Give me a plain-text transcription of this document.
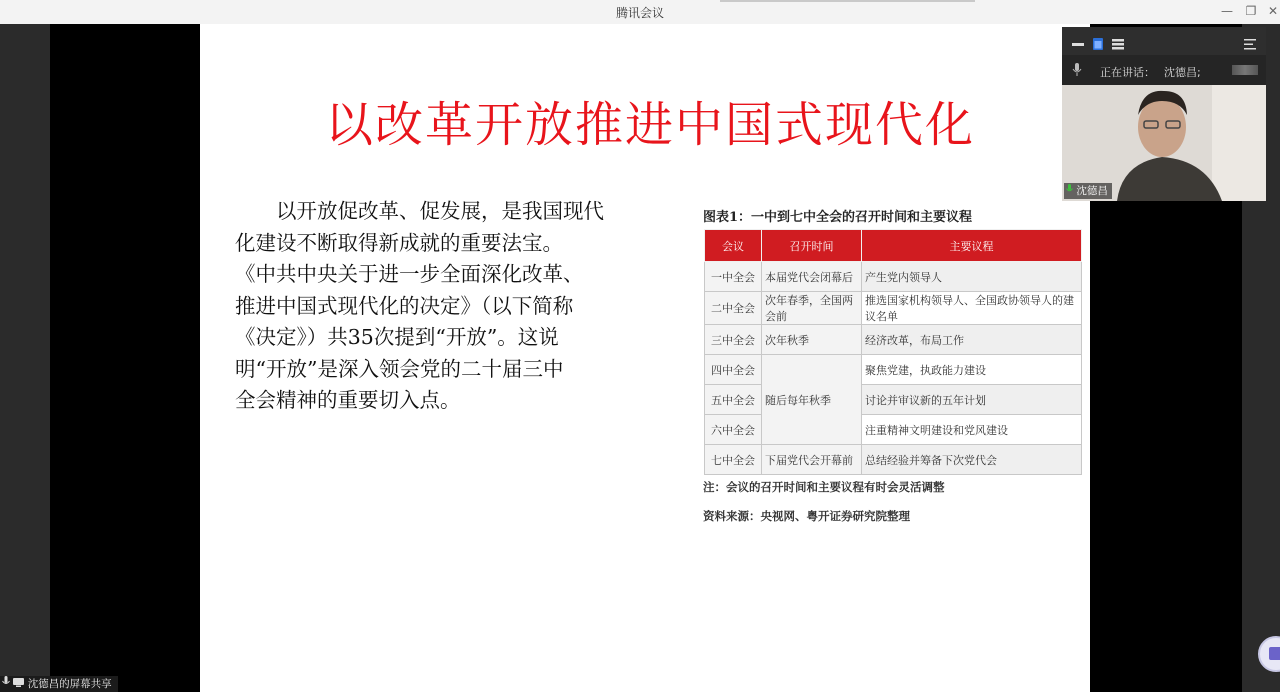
腾讯会议	—	❐ ✕
以改革开放推进中国式现代化

　　以开放促改革、促发展，是我国现代

化建设不断取得新成就的重要法宝。

《中共中央关于进一步全面深化改革、

推进中国式现代化的决定》（以下简称

《决定》）共35次提到“开放”。这说

明“开放”是深入领会党的二十届三中

全会精神的重要切入点。

图表1：一中到七中全会的召开时间和主要议程
会议	召开时间	主要议程
一中全会	本届党代会闭幕后	产生党内领导人
二中全会	次年春季，全国两会前	推选国家机构领导人、全国政协领导人的建议名单
三中全会	次年秋季	经济改革，布局工作
四中全会	随后每年秋季	聚焦党建，执政能力建设
五中全会		讨论并审议新的五年计划
六中全会		注重精神文明建设和党风建设
七中全会	下届党代会开幕前	总结经验并筹备下次党代会
注：会议的召开时间和主要议程有时会灵活调整
资料来源：央视网、粤开证券研究院整理
正在讲话： 沈德昌;
沈德昌
沈德昌的屏幕共享
